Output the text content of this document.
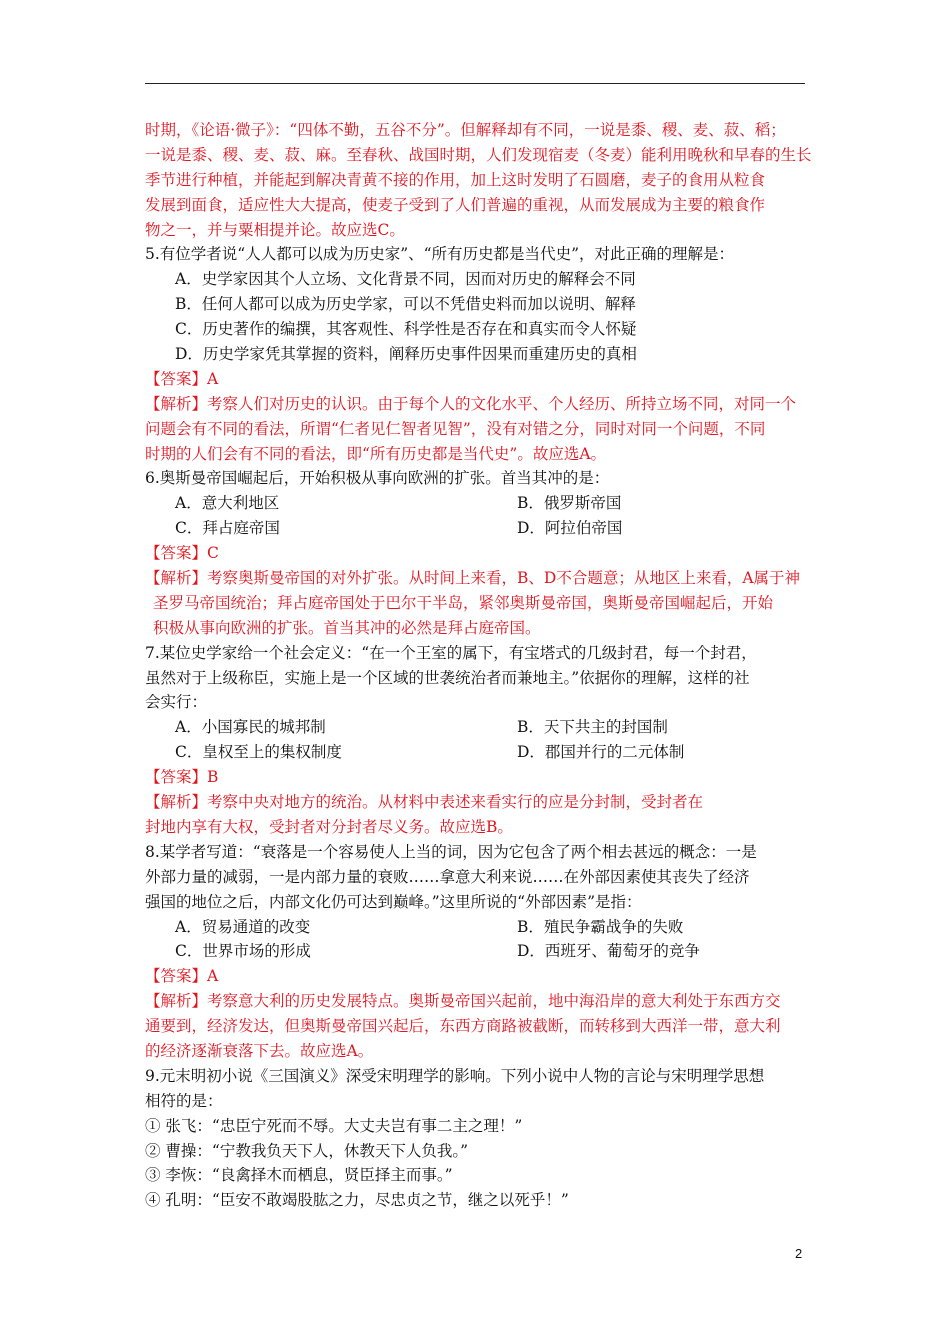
时期，《论语·微子》：“四体不勤，五谷不分”。但解释却有不同，一说是黍、稷、麦、菽、稻；
一说是黍、稷、麦、菽、麻。至春秋、战国时期，人们发现宿麦（冬麦）能利用晚秋和早春的生长
季节进行种植，并能起到解决青黄不接的作用，加上这时发明了石圆磨，麦子的食用从粒食
发展到面食，适应性大大提高，使麦子受到了人们普遍的重视，从而发展成为主要的粮食作
物之一，并与粟相提并论。故应选C。
5.有位学者说“人人都可以成为历史家”、“所有历史都是当代史”，对此正确的理解是：
A．史学家因其个人立场、文化背景不同，因而对历史的解释会不同
B．任何人都可以成为历史学家，可以不凭借史料而加以说明、解释
C．历史著作的编撰，其客观性、科学性是否存在和真实而令人怀疑
D．历史学家凭其掌握的资料，阐释历史事件因果而重建历史的真相
【答案】A
【解析】考察人们对历史的认识。由于每个人的文化水平、个人经历、所持立场不同，对同一个
问题会有不同的看法，所谓“仁者见仁智者见智”，没有对错之分，同时对同一个问题，不同
时期的人们会有不同的看法，即“所有历史都是当代史”。故应选A。
6.奥斯曼帝国崛起后，开始积极从事向欧洲的扩张。首当其冲的是：
A．意大利地区	B．俄罗斯帝国
C．拜占庭帝国	D．阿拉伯帝国
【答案】C
【解析】考察奥斯曼帝国的对外扩张。从时间上来看，B、D不合题意；从地区上来看，A属于神
圣罗马帝国统治；拜占庭帝国处于巴尔干半岛，紧邻奥斯曼帝国，奥斯曼帝国崛起后，开始
积极从事向欧洲的扩张。首当其冲的必然是拜占庭帝国。
7.某位史学家给一个社会定义：“在一个王室的属下，有宝塔式的几级封君，每一个封君，
虽然对于上级称臣，实施上是一个区域的世袭统治者而兼地主。”依据你的理解，这样的社
会实行：
A．小国寡民的城邦制	B．天下共主的封国制
C．皇权至上的集权制度	D．郡国并行的二元体制
【答案】B
【解析】考察中央对地方的统治。从材料中表述来看实行的应是分封制，受封者在
封地内享有大权，受封者对分封者尽义务。故应选B。
8.某学者写道：“衰落是一个容易使人上当的词，因为它包含了两个相去甚远的概念：一是
外部力量的减弱，一是内部力量的衰败……拿意大利来说……在外部因素使其丧失了经济
强国的地位之后，内部文化仍可达到巅峰。”这里所说的“外部因素”是指：
A．贸易通道的改变	B．殖民争霸战争的失败
C．世界市场的形成	D．西班牙、葡萄牙的竞争
【答案】A
【解析】考察意大利的历史发展特点。奥斯曼帝国兴起前，地中海沿岸的意大利处于东西方交
通要到，经济发达，但奥斯曼帝国兴起后，东西方商路被截断，而转移到大西洋一带，意大利
的经济逐渐衰落下去。故应选A。
9.元末明初小说《三国演义》深受宋明理学的影响。下列小说中人物的言论与宋明理学思想
相符的是：
① 张飞：“忠臣宁死而不辱。大丈夫岂有事二主之理！”
② 曹操：“宁教我负天下人，休教天下人负我。”
③ 李恢：“良禽择木而栖息，贤臣择主而事。”
④ 孔明：“臣安不敢竭股肱之力，尽忠贞之节，继之以死乎！”
2
